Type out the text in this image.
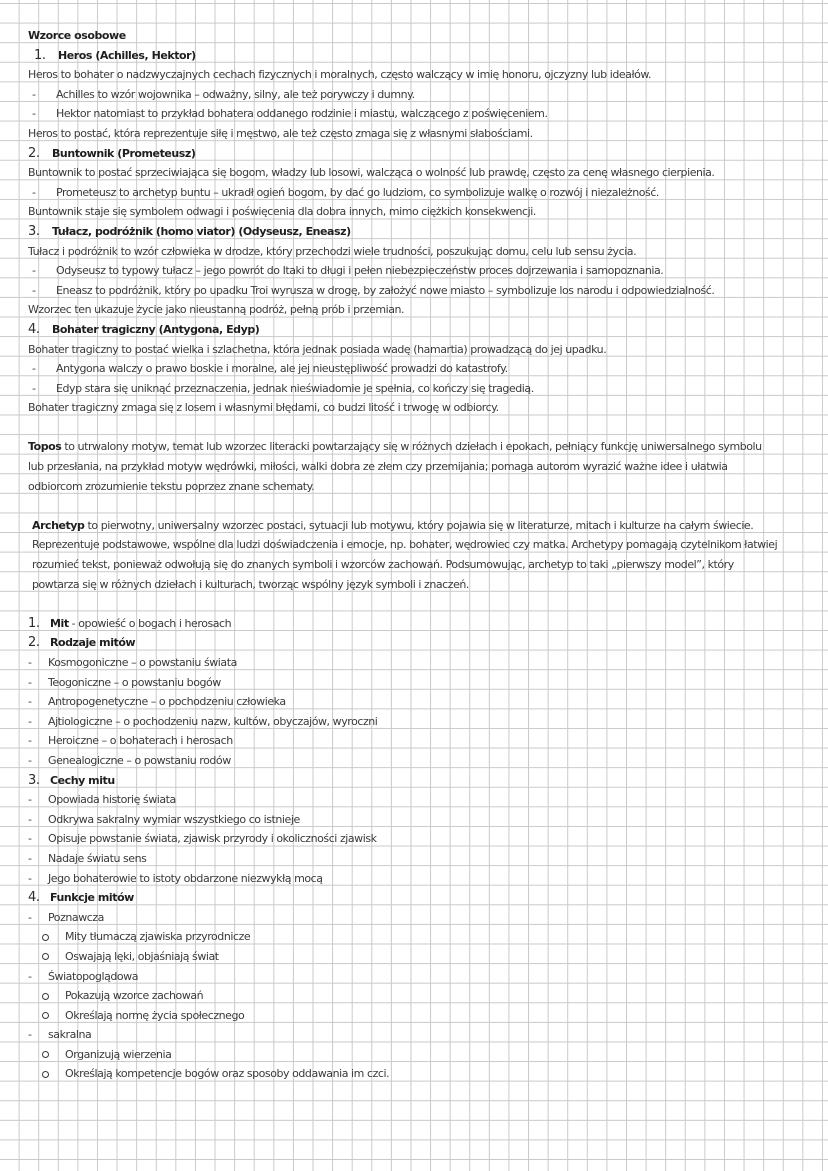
Wzorce osobowe
1. Heros (Achilles, Hektor)
Heros to bohater o nadzwyczajnych cechach fizycznych i moralnych, często walczący w imię honoru, ojczyzny lub ideałów.
- Achilles to wzór wojownika – odważny, silny, ale też porywczy i dumny.
- Hektor natomiast to przykład bohatera oddanego rodzinie i miastu, walczącego z poświęceniem.
Heros to postać, która reprezentuje siłę i męstwo, ale też często zmaga się z własnymi słabościami.
2. Buntownik (Prometeusz)
Buntownik to postać sprzeciwiająca się bogom, władzy lub losowi, walcząca o wolność lub prawdę, często za cenę własnego cierpienia.
- Prometeusz to archetyp buntu – ukradł ogień bogom, by dać go ludziom, co symbolizuje walkę o rozwój i niezależność.
Buntownik staje się symbolem odwagi i poświęcenia dla dobra innych, mimo ciężkich konsekwencji.
3. Tułacz, podróżnik (homo viator) (Odyseusz, Eneasz)
Tułacz i podróżnik to wzór człowieka w drodze, który przechodzi wiele trudności, poszukując domu, celu lub sensu życia.
- Odyseusz to typowy tułacz – jego powrót do Itaki to długi i pełen niebezpieczeństw proces dojrzewania i samopoznania.
- Eneasz to podróżnik, który po upadku Troi wyrusza w drogę, by założyć nowe miasto – symbolizuje los narodu i odpowiedzialność.
Wzorzec ten ukazuje życie jako nieustanną podróż, pełną prób i przemian.
4. Bohater tragiczny (Antygona, Edyp)
Bohater tragiczny to postać wielka i szlachetna, która jednak posiada wadę (hamartia) prowadzącą do jej upadku.
- Antygona walczy o prawo boskie i moralne, ale jej nieustępliwość prowadzi do katastrofy.
- Edyp stara się uniknąć przeznaczenia, jednak nieświadomie je spełnia, co kończy się tragedią.
Bohater tragiczny zmaga się z losem i własnymi błędami, co budzi litość i trwogę w odbiorcy.
Topos to utrwalony motyw, temat lub wzorzec literacki powtarzający się w różnych dziełach i epokach, pełniący funkcję uniwersalnego symbolu
lub przesłania, na przykład motyw wędrówki, miłości, walki dobra ze złem czy przemijania; pomaga autorom wyrazić ważne idee i ułatwia
odbiorcom zrozumienie tekstu poprzez znane schematy.
Archetyp to pierwotny, uniwersalny wzorzec postaci, sytuacji lub motywu, który pojawia się w literaturze, mitach i kulturze na całym świecie.
Reprezentuje podstawowe, wspólne dla ludzi doświadczenia i emocje, np. bohater, wędrowiec czy matka. Archetypy pomagają czytelnikom łatwiej
rozumieć tekst, ponieważ odwołują się do znanych symboli i wzorców zachowań. Podsumowując, archetyp to taki „pierwszy model”, który
powtarza się w różnych dziełach i kulturach, tworząc wspólny język symboli i znaczeń.
1. Mit - opowieść o bogach i herosach
2. Rodzaje mitów
- Kosmogoniczne – o powstaniu świata
- Teogoniczne – o powstaniu bogów
- Antropogenetyczne – o pochodzeniu człowieka
- Ajtiologiczne – o pochodzeniu nazw, kultów, obyczajów, wyroczni
- Heroiczne – o bohaterach i herosach
- Genealogiczne – o powstaniu rodów
3. Cechy mitu
- Opowiada historię świata
- Odkrywa sakralny wymiar wszystkiego co istnieje
- Opisuje powstanie świata, zjawisk przyrody i okoliczności zjawisk
- Nadaje światu sens
- Jego bohaterowie to istoty obdarzone niezwykłą mocą
4. Funkcje mitów
- Poznawcza
Mity tłumaczą zjawiska przyrodnicze
Oswajają lęki, objaśniają świat
- Światopoglądowa
Pokazują wzorce zachowań
Określają normę życia społecznego
- sakralna
Organizują wierzenia
Określają kompetencje bogów oraz sposoby oddawania im czci.
